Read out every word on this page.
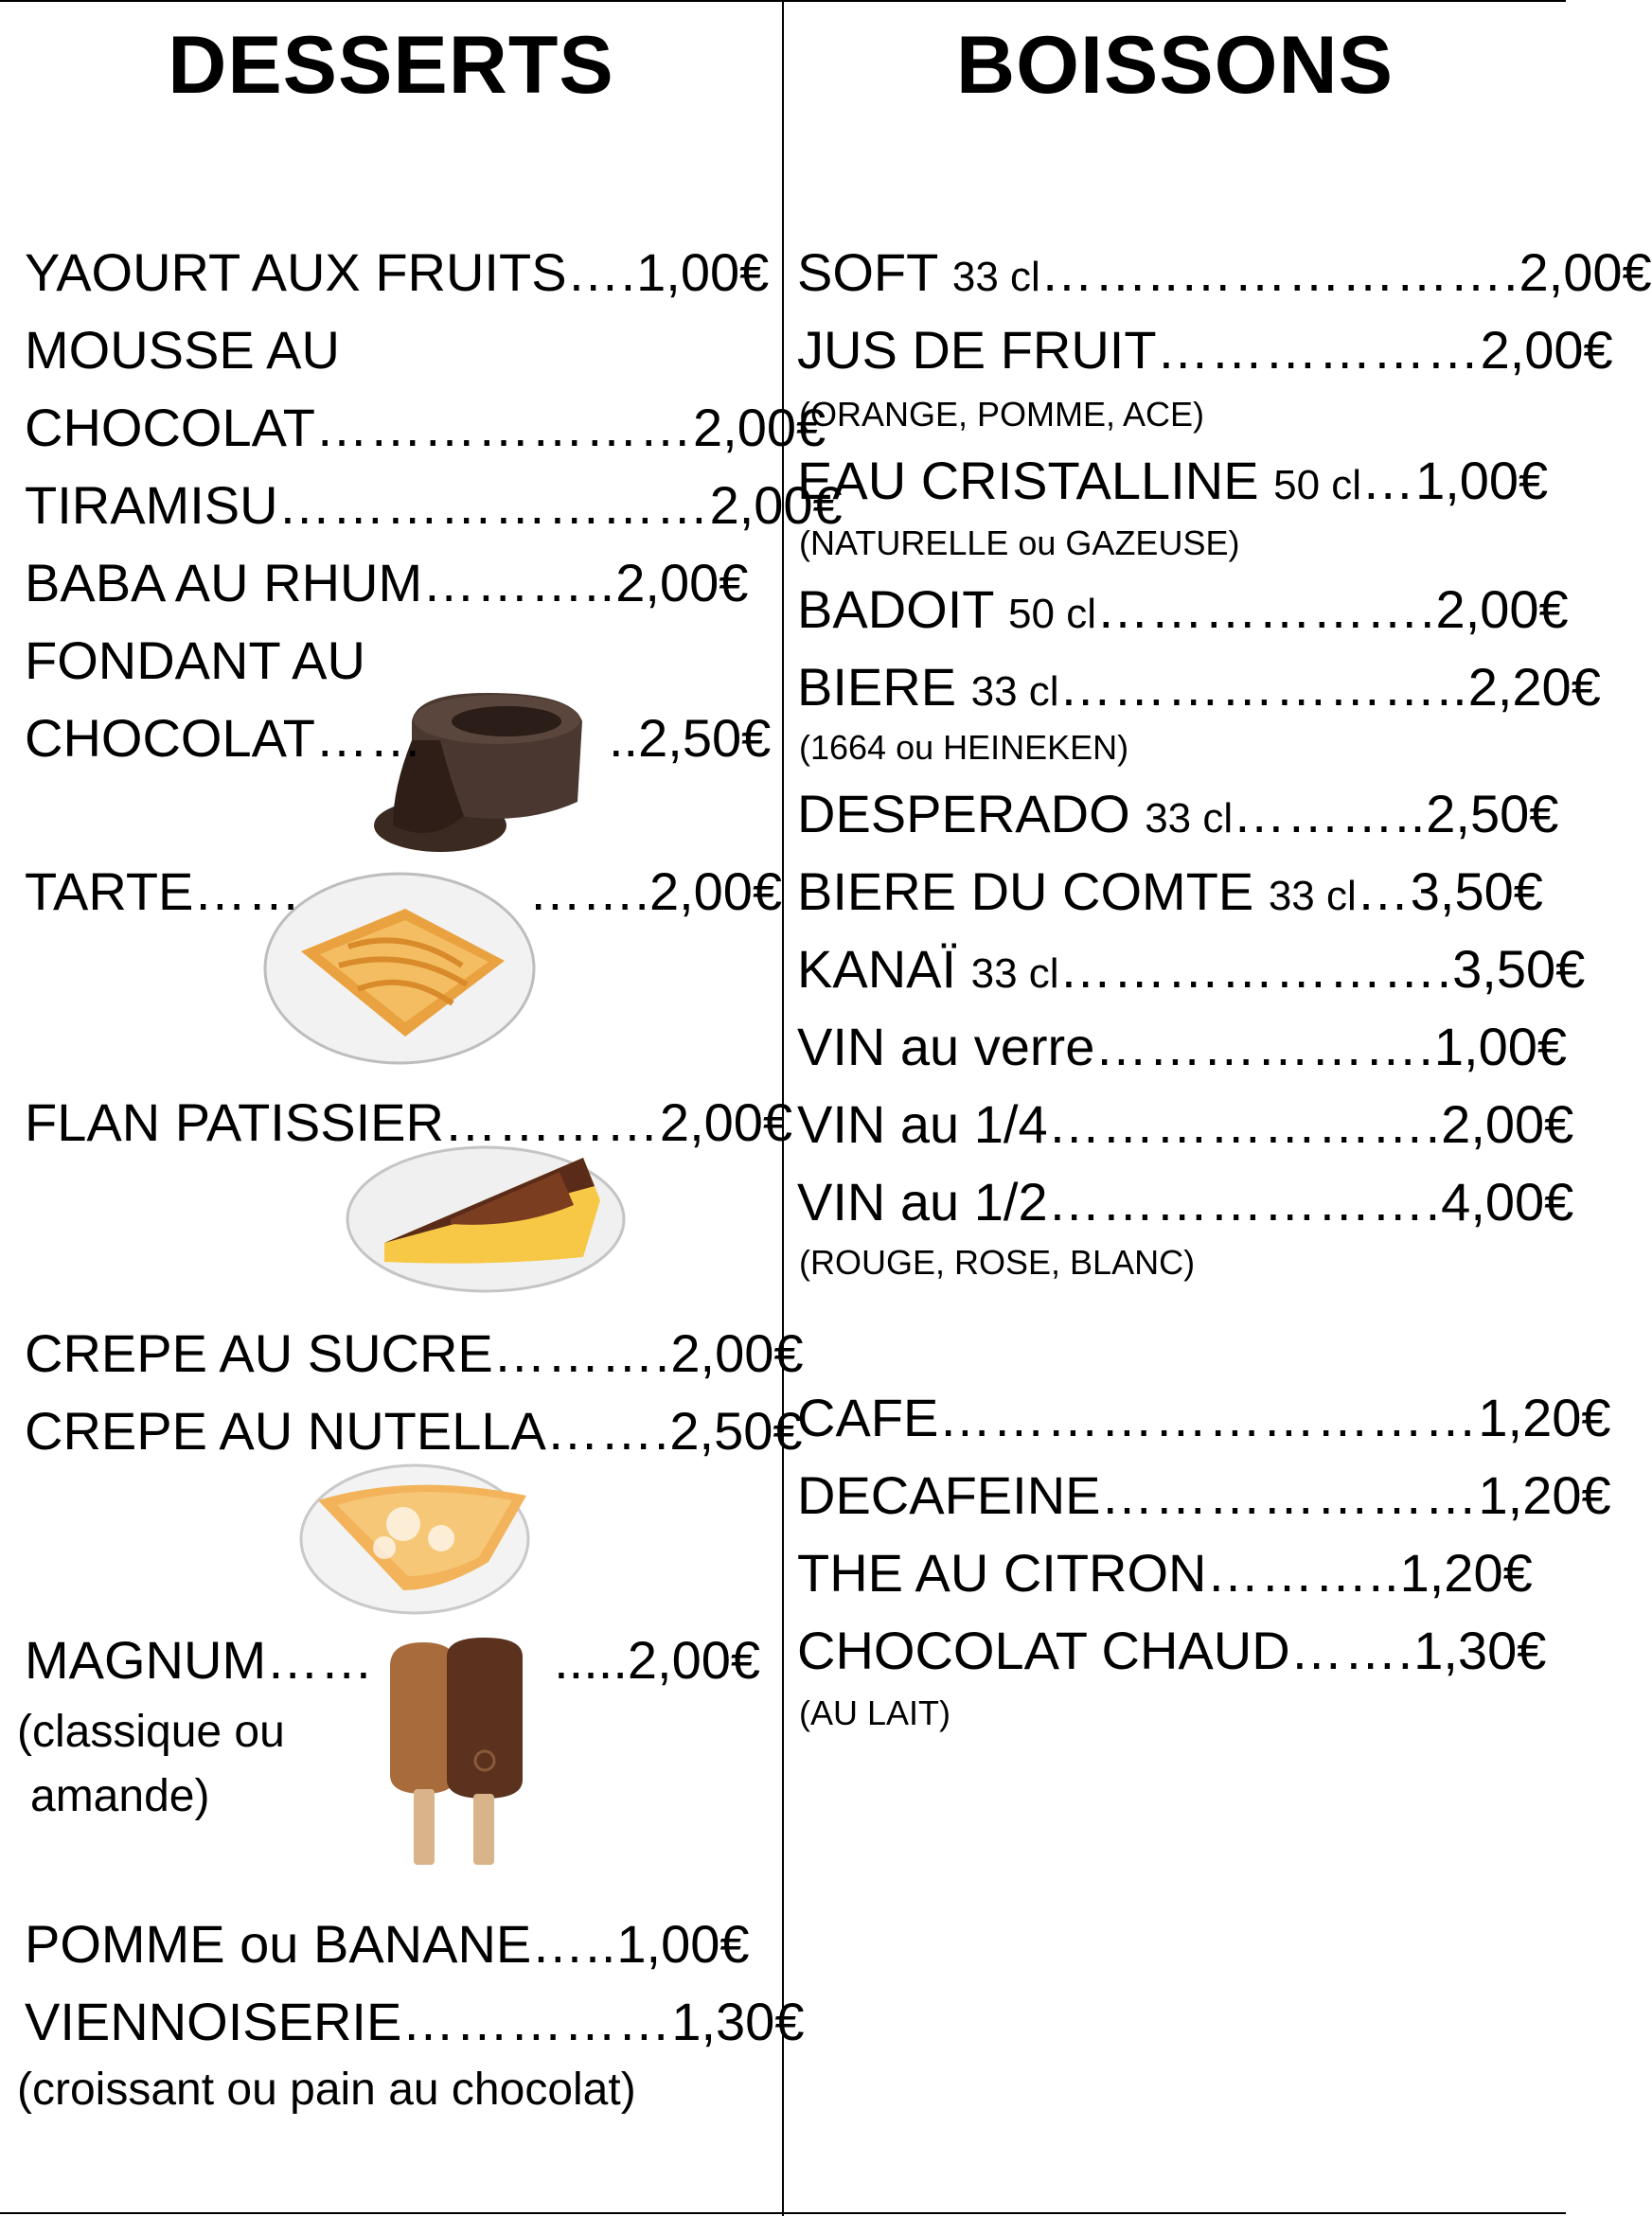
DESSERTS
YAOURT AUX FRUITS….1,00€
MOUSSE AU
CHOCOLAT…………………2,00€
TIRAMISU……………………2,00€
BABA AU RHUM………..2,00€
FONDANT AU
CHOCOLAT……	..2,50€
TARTE……	…….2,00€
FLAN PATISSIER…………2,00€
CREPE AU SUCRE……….2,00€
CREPE AU NUTELLA…….2,50€
MAGNUM……	.....2,00€
(classique ou
amande)
POMME ou BANANE…..1,00€
VIENNOISERIE……………1,30€
(croissant ou pain au chocolat)
BOISSONS
SOFT 33 cl……..……………….2,00€
JUS DE FRUIT………………2,00€
(ORANGE, POMME, ACE)
EAU CRISTALLINE 50 cl…1,00€
(NATURELLE ou GAZEUSE)
BADOIT 50 cl……………….2,00€
BIERE 33 cl…………………..2,20€
(1664 ou HEINEKEN)
DESPERADO 33 cl………..2,50€
BIERE DU COMTE 33 cl…3,50€
KANAÏ 33 cl………………….3,50€
VIN au verre……………….1,00€
VIN au 1/4………………….2,00€
VIN au 1/2………………….4,00€
(ROUGE, ROSE, BLANC)
CAFE…………………………1,20€
DECAFEINE…………………1,20€
THE AU CITRON………..1,20€
CHOCOLAT CHAUD…….1,30€
(AU LAIT)
